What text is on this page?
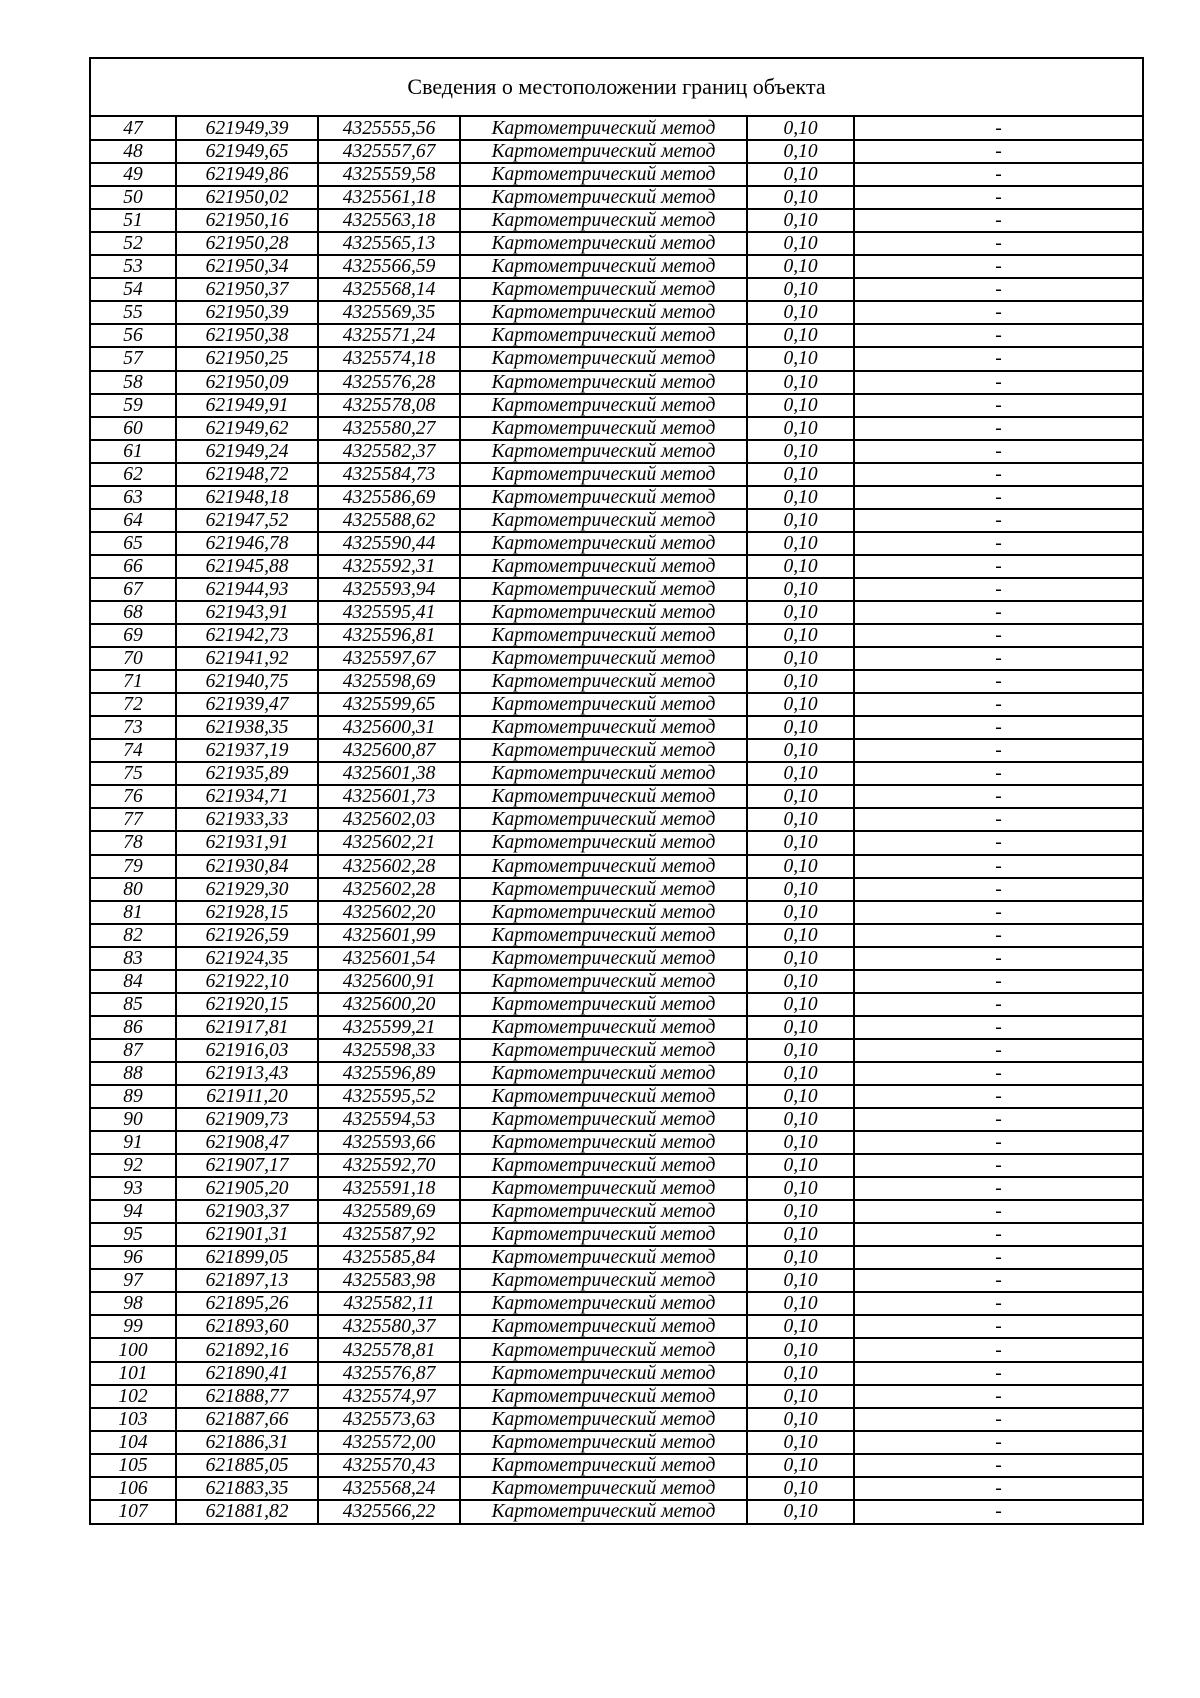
Сведения о местоположении границ объекта
47	621949,39	4325555,56	Картометрический метод	0,10	-
48	621949,65	4325557,67	Картометрический метод	0,10	-
49	621949,86	4325559,58	Картометрический метод	0,10	-
50	621950,02	4325561,18	Картометрический метод	0,10	-
51	621950,16	4325563,18	Картометрический метод	0,10	-
52	621950,28	4325565,13	Картометрический метод	0,10	-
53	621950,34	4325566,59	Картометрический метод	0,10	-
54	621950,37	4325568,14	Картометрический метод	0,10	-
55	621950,39	4325569,35	Картометрический метод	0,10	-
56	621950,38	4325571,24	Картометрический метод	0,10	-
57	621950,25	4325574,18	Картометрический метод	0,10	-
58	621950,09	4325576,28	Картометрический метод	0,10	-
59	621949,91	4325578,08	Картометрический метод	0,10	-
60	621949,62	4325580,27	Картометрический метод	0,10	-
61	621949,24	4325582,37	Картометрический метод	0,10	-
62	621948,72	4325584,73	Картометрический метод	0,10	-
63	621948,18	4325586,69	Картометрический метод	0,10	-
64	621947,52	4325588,62	Картометрический метод	0,10	-
65	621946,78	4325590,44	Картометрический метод	0,10	-
66	621945,88	4325592,31	Картометрический метод	0,10	-
67	621944,93	4325593,94	Картометрический метод	0,10	-
68	621943,91	4325595,41	Картометрический метод	0,10	-
69	621942,73	4325596,81	Картометрический метод	0,10	-
70	621941,92	4325597,67	Картометрический метод	0,10	-
71	621940,75	4325598,69	Картометрический метод	0,10	-
72	621939,47	4325599,65	Картометрический метод	0,10	-
73	621938,35	4325600,31	Картометрический метод	0,10	-
74	621937,19	4325600,87	Картометрический метод	0,10	-
75	621935,89	4325601,38	Картометрический метод	0,10	-
76	621934,71	4325601,73	Картометрический метод	0,10	-
77	621933,33	4325602,03	Картометрический метод	0,10	-
78	621931,91	4325602,21	Картометрический метод	0,10	-
79	621930,84	4325602,28	Картометрический метод	0,10	-
80	621929,30	4325602,28	Картометрический метод	0,10	-
81	621928,15	4325602,20	Картометрический метод	0,10	-
82	621926,59	4325601,99	Картометрический метод	0,10	-
83	621924,35	4325601,54	Картометрический метод	0,10	-
84	621922,10	4325600,91	Картометрический метод	0,10	-
85	621920,15	4325600,20	Картометрический метод	0,10	-
86	621917,81	4325599,21	Картометрический метод	0,10	-
87	621916,03	4325598,33	Картометрический метод	0,10	-
88	621913,43	4325596,89	Картометрический метод	0,10	-
89	621911,20	4325595,52	Картометрический метод	0,10	-
90	621909,73	4325594,53	Картометрический метод	0,10	-
91	621908,47	4325593,66	Картометрический метод	0,10	-
92	621907,17	4325592,70	Картометрический метод	0,10	-
93	621905,20	4325591,18	Картометрический метод	0,10	-
94	621903,37	4325589,69	Картометрический метод	0,10	-
95	621901,31	4325587,92	Картометрический метод	0,10	-
96	621899,05	4325585,84	Картометрический метод	0,10	-
97	621897,13	4325583,98	Картометрический метод	0,10	-
98	621895,26	4325582,11	Картометрический метод	0,10	-
99	621893,60	4325580,37	Картометрический метод	0,10	-
100	621892,16	4325578,81	Картометрический метод	0,10	-
101	621890,41	4325576,87	Картометрический метод	0,10	-
102	621888,77	4325574,97	Картометрический метод	0,10	-
103	621887,66	4325573,63	Картометрический метод	0,10	-
104	621886,31	4325572,00	Картометрический метод	0,10	-
105	621885,05	4325570,43	Картометрический метод	0,10	-
106	621883,35	4325568,24	Картометрический метод	0,10	-
107	621881,82	4325566,22	Картометрический метод	0,10	-
